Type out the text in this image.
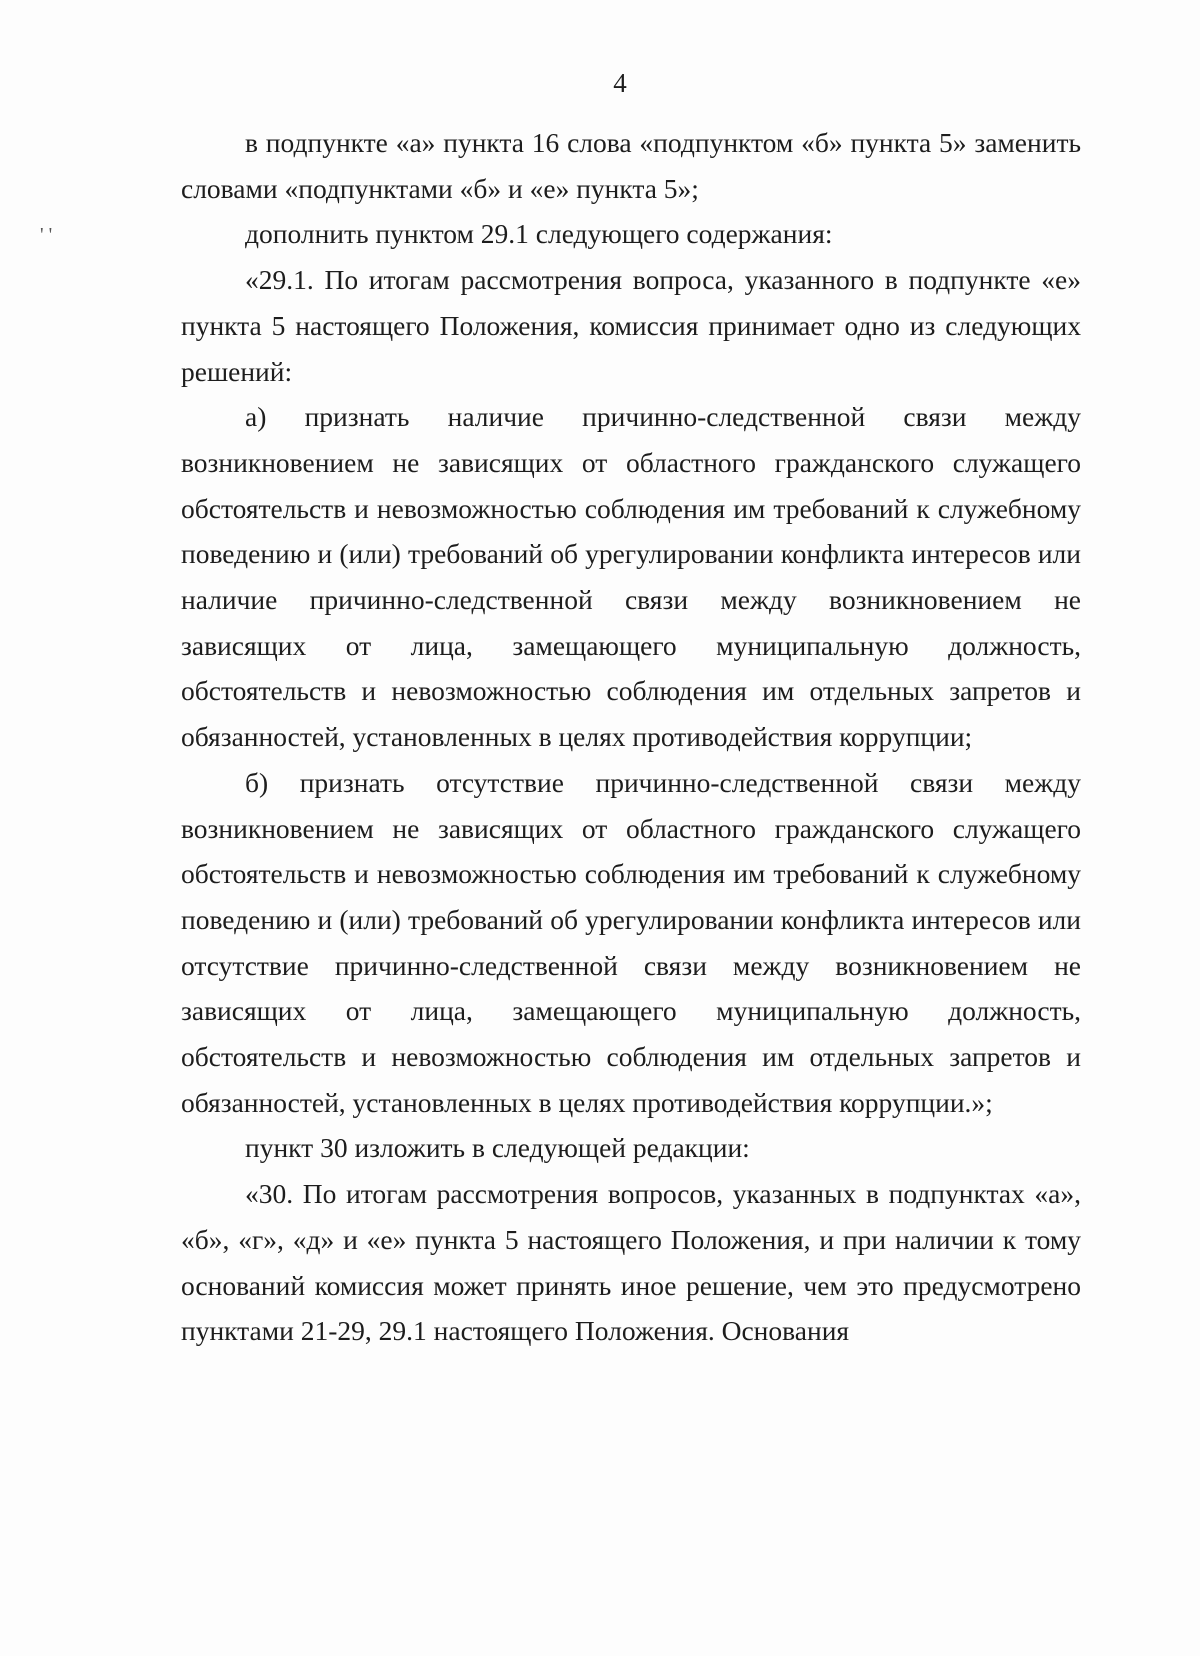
4
' '

в подпункте «а» пункта 16 слова «подпунктом «б» пункта 5» заменить словами «подпунктами «б» и «е» пункта 5»;

дополнить пунктом 29.1 следующего содержания:

«29.1. По итогам рассмотрения вопроса, указанного в подпункте «е» пункта 5 настоящего Положения, комиссия принимает одно из следующих решений:

а) признать наличие причинно-следственной связи между возникновением не зависящих от областного гражданского служащего обстоятельств и невозможностью соблюдения им требований к служебному поведению и (или) требований об урегулировании конфликта интересов или наличие причинно-следственной связи между возникновением не зависящих от лица, замещающего муниципальную должность, обстоятельств и невозможностью соблюдения им отдельных запретов и обязанностей, установленных в целях противодействия коррупции;

б) признать отсутствие причинно-следственной связи между возникновением не зависящих от областного гражданского служащего обстоятельств и невозможностью соблюдения им требований к служебному поведению и (или) требований об урегулировании конфликта интересов или отсутствие причинно-следственной связи между возникновением не зависящих от лица, замещающего муниципальную должность, обстоятельств и невозможностью соблюдения им отдельных запретов и обязанностей, установленных в целях противодействия коррупции.»;

пункт 30 изложить в следующей редакции:

«30. По итогам рассмотрения вопросов, указанных в подпунктах «а», «б», «г», «д» и «е» пункта 5 настоящего Положения, и при наличии к тому оснований комиссия может принять иное решение, чем это предусмотрено пунктами 21-29, 29.1 настоящего Положения. Основания
